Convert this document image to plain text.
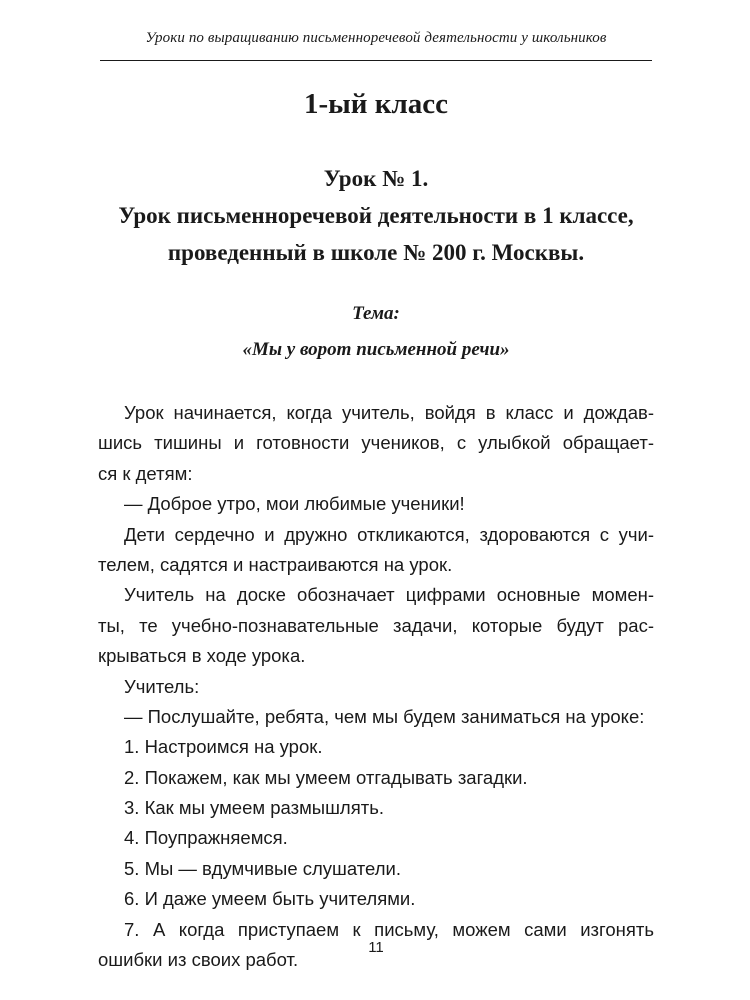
Уроки по выращиванию письменноречевой деятельности у школьников
1-ый класс
Урок № 1.
Урок письменноречевой деятельности в 1 классе,
проведенный в школе № 200 г. Москвы.
Тема:
«Мы у ворот письменной речи»
Урок начинается, когда учитель, войдя в класс и дождав-
шись тишины и готовности учеников, с улыбкой обращает-
ся к детям:
— Доброе утро, мои любимые ученики!
Дети сердечно и дружно откликаются, здороваются с учи-
телем, садятся и настраиваются на урок.
Учитель на доске обозначает цифрами основные момен-
ты, те учебно-познавательные задачи, которые будут рас-
крываться в ходе урока.
Учитель:
— Послушайте, ребята, чем мы будем заниматься на уроке:
1. Настроимся на урок.
2. Покажем, как мы умеем отгадывать загадки.
3. Как мы умеем размышлять.
4. Поупражняемся.
5. Мы — вдумчивые слушатели.
6. И даже умеем быть учителями.
7. А когда приступаем к письму, можем сами изгонять
ошибки из своих работ.
11
